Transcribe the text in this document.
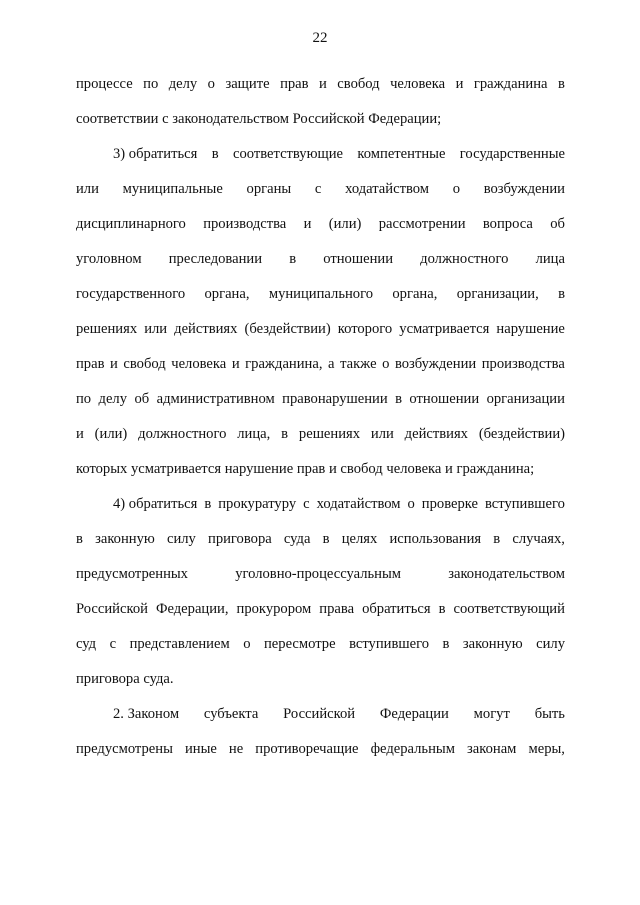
22
процессе по делу о защите прав и свобод человека и гражданина в
соответствии с законодательством Российской Федерации;
3) обратиться в соответствующие компетентные государственные
или муниципальные органы с ходатайством о возбуждении
дисциплинарного производства и (или) рассмотрении вопроса об
уголовном преследовании в отношении должностного лица
государственного органа, муниципального органа, организации, в
решениях или действиях (бездействии) которого усматривается нарушение
прав и свобод человека и гражданина, а также о возбуждении производства
по делу об административном правонарушении в отношении организации
и (или) должностного лица, в решениях или действиях (бездействии)
которых усматривается нарушение прав и свобод человека и гражданина;
4) обратиться в прокуратуру с ходатайством о проверке вступившего
в законную силу приговора суда в целях использования в случаях,
предусмотренных	уголовно-процессуальным	законодательством
Российской Федерации, прокурором права обратиться в соответствующий
суд с представлением о пересмотре вступившего в законную силу
приговора суда.
2. Законом субъекта Российской Федерации могут быть
предусмотрены иные не противоречащие федеральным законам меры,
